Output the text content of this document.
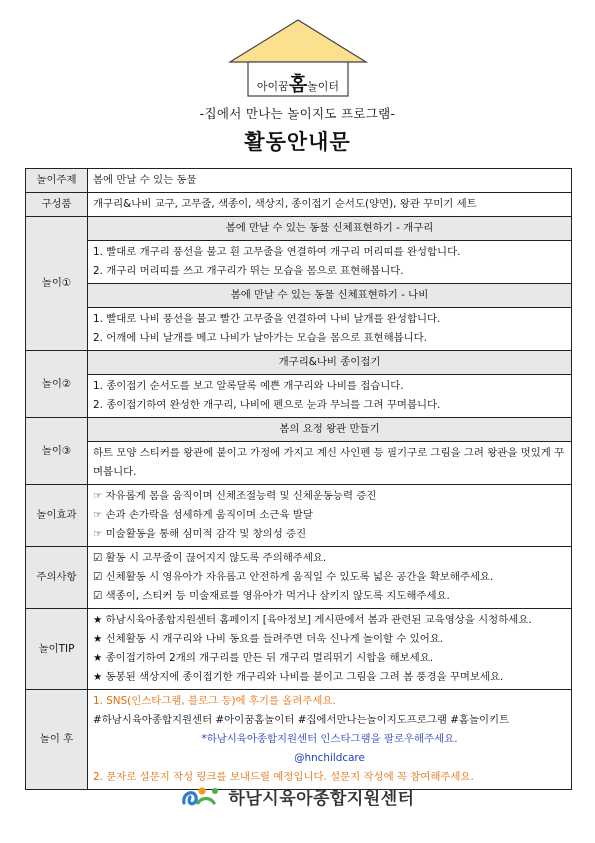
아이꿈홈놀이터
-집에서 만나는 놀이지도 프로그램-
활동안내문
놀이주제	봄에 만날 수 있는 동물
구성품	개구리&나비 교구, 고무줄, 색종이, 색상지, 종이접기 순서도(양면), 왕관 꾸미기 세트
놀이①	봄에 만날 수 있는 동물 신체표현하기 - 개구리

	1. 빨대로 개구리 풍선을 불고 흰 고무줄을 연결하여 개구리 머리띠를 완성합니다.
2. 개구리 머리띠를 쓰고 개구리가 뛰는 모습을 몸으로 표현해봅니다.

	봄에 만날 수 있는 동물 신체표현하기 - 나비

	1. 빨대로 나비 풍선을 불고 빨간 고무줄을 연결하여 나비 날개를 완성합니다.
2. 어깨에 나비 날개를 메고 나비가 날아가는 모습을 몸으로 표현해봅니다.

놀이②	개구리&나비 종이접기

	1. 종이접기 순서도를 보고 알록달록 예쁜 개구리와 나비를 접습니다.
2. 종이접기하여 완성한 개구리, 나비에 펜으로 눈과 무늬를 그려 꾸며봅니다.

놀이③	봄의 요정 왕관 만들기

	하트 모양 스티커를 왕관에 붙이고 가정에 가지고 계신 사인펜 등 필기구로 그림을 그려 왕관을 멋있게 꾸며봅니다.

놀이효과	☞ 자유롭게 몸을 움직이며 신체조절능력 및 신체운동능력 증진
☞ 손과 손가락을 섬세하게 움직이며 소근육 발달
☞ 미술활동을 통해 심미적 감각 및 창의성 증진

주의사항	☑ 활동 시 고무줄이 끊어지지 않도록 주의해주세요.
☑ 신체활동 시 영유아가 자유롭고 안전하게 움직일 수 있도록 넓은 공간을 확보해주세요.
☑ 색종이, 스티커 등 미술재료를 영유아가 먹거나 삼키지 않도록 지도해주세요.

놀이TIP	★ 하남시육아종합지원센터 홈페이지 [육아정보] 게시판에서 봄과 관련된 교육영상을 시청하세요.
★ 신체활동 시 개구리와 나비 동요를 들려주면 더욱 신나게 놀이할 수 있어요.
★ 종이접기하여 2개의 개구리를 만든 뒤 개구리 멀리뛰기 시합을 해보세요.
★ 동봉된 색상지에 종이접기한 개구리와 나비를 붙이고 그림을 그려 봄 풍경을 꾸며보세요.

놀이 후	1. SNS(인스타그램, 블로그 등)에 후기를 올려주세요.
#하남시육아종합지원센터 #아이꿈홈놀이터 #집에서만나는놀이지도프로그램 #홈놀이키트
*하남시육아종합지원센터 인스타그램을 팔로우해주세요.
@hnchildcare
2. 문자로 설문지 작성 링크를 보내드릴 예정입니다. 설문지 작성에 꼭 참여해주세요.
하남시육아종합지원센터
